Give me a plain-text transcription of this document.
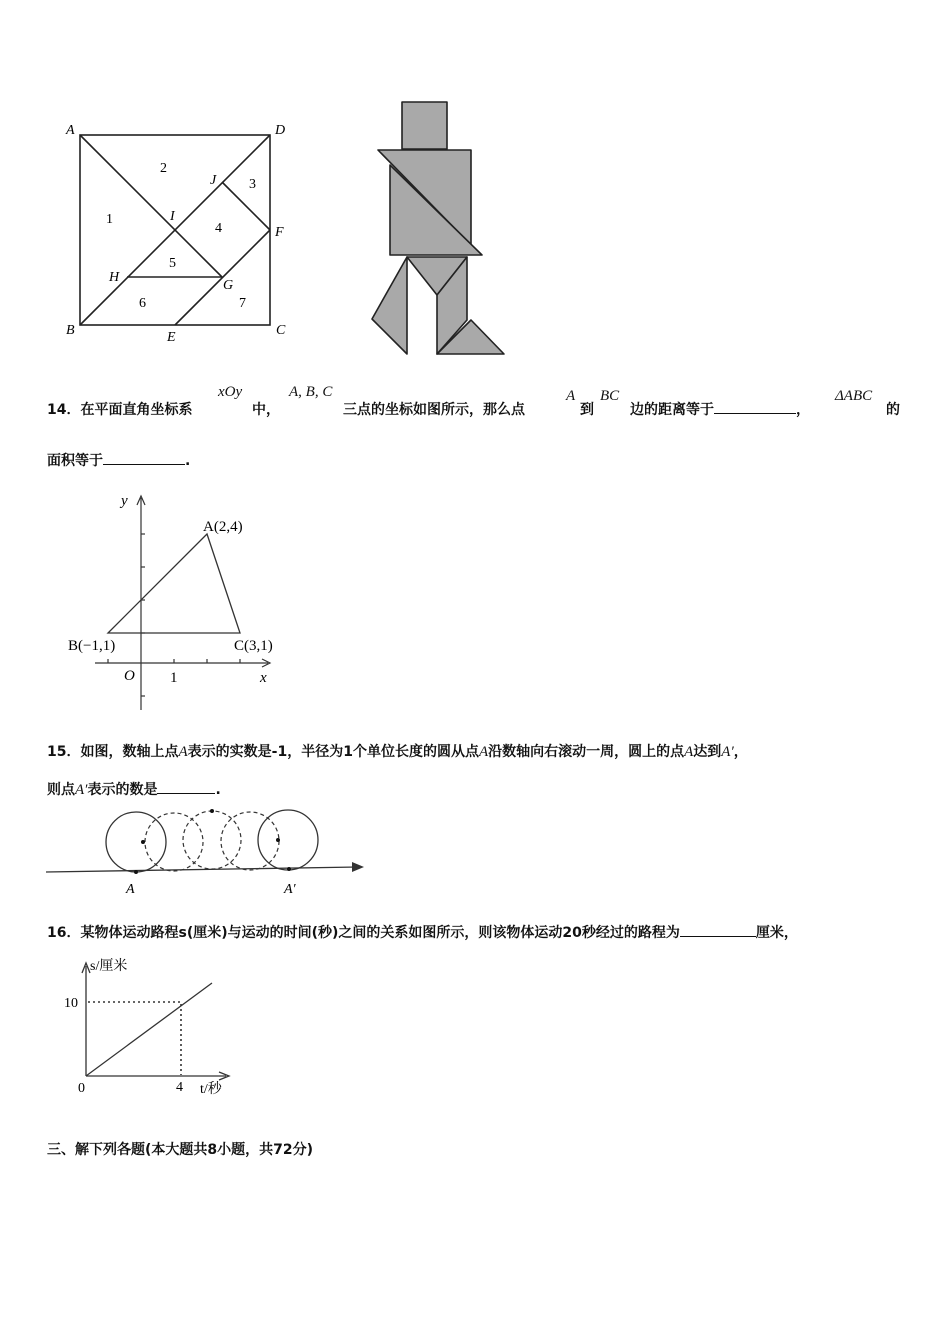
A	D
B	C
E
F
G
H
I
J
1
2
3
4
5
6	7
14．在平面直角坐标系
xOy
中，
A, B, C
三点的坐标如图所示，那么点
A
到
BC
边的距离等于	，
ΔABC
的
面积等于	.
y
x
O 1
A(2,4)
B(−1,1)	C(3,1)
15．如图，数轴上点A表示的实数是-1，半径为1个单位长度的圆从点A沿数轴向右滚动一周，圆上的点A达到A′，
则点A′表示的数是	.
A	A′
16．某物体运动路程s(厘米)与运动的时间(秒)之间的关系如图所示，则该物体运动20秒经过的路程为	厘米，
s/厘米
10
0	4 t/秒
三、解下列各题(本大题共8小题，共72分)
